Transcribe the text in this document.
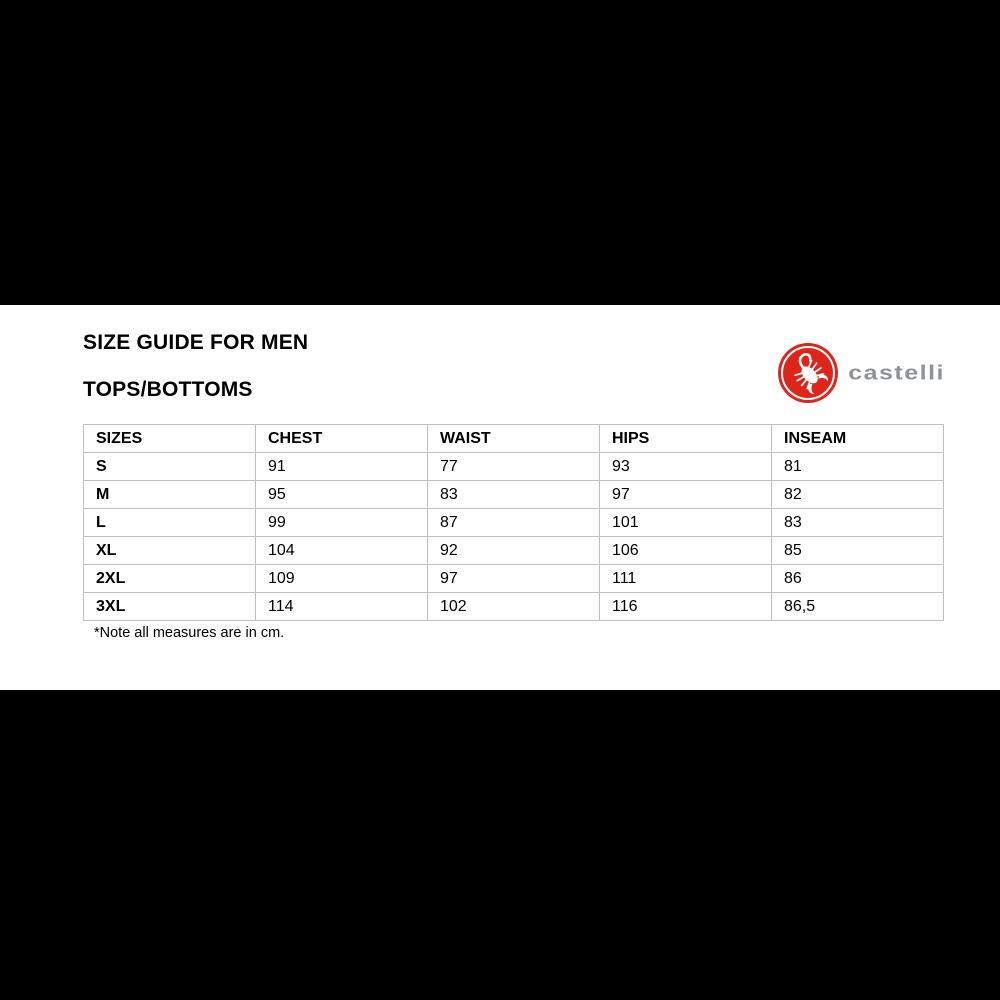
SIZE GUIDE FOR MEN
TOPS/BOTTOMS
castelli
SIZES	CHEST	WAIST	HIPS	INSEAM
S	91	77	93	81
M	95	83	97	82
L	99	87	101	83
XL	104	92	106	85
2XL	109	97	111	86
3XL	114	102	116	86,5

*Note all measures are in cm.
